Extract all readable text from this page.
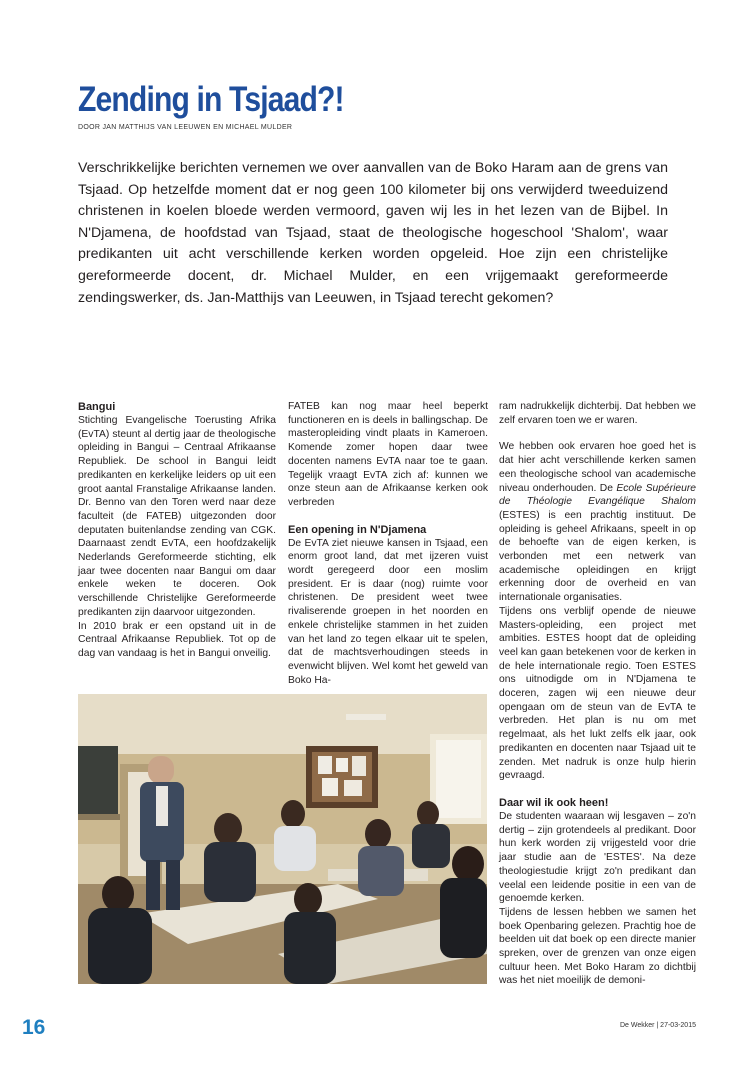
Zending in Tsjaad?!
DOOR JAN MATTHIJS VAN LEEUWEN EN MICHAEL MULDER

Verschrikkelijke berichten vernemen we over aanvallen van de Boko Haram aan de grens van Tsjaad. Op hetzelfde moment dat er nog geen 100 kilometer bij ons verwijderd tweeduizend christenen in koelen bloede werden vermoord, gaven wij les in het lezen van de Bijbel. In N'Djamena, de hoofdstad van Tsjaad, staat de theologische hogeschool 'Shalom', waar predikanten uit acht verschillende kerken worden opgeleid. Hoe zijn een christelijke gereformeerde docent, dr. Michael Mulder, en een vrijgemaakt gereformeerde zendingswerker, ds. Jan-Matthijs van Leeuwen, in Tsjaad terecht gekomen?

Bangui

Stichting Evangelische Toerusting Afrika (EvTA) steunt al dertig jaar de theologische opleiding in Bangui – Centraal Afrikaanse Republiek. De school in Bangui leidt predikanten en kerkelijke leiders op uit een groot aantal Franstalige Afrikaanse landen. Dr. Benno van den Toren werd naar deze faculteit (de FATEB) uitgezonden door deputaten buitenlandse zending van CGK. Daarnaast zendt EvTA, een hoofdzakelijk Nederlands Gereformeerde stichting, elk jaar twee docenten naar Bangui om daar enkele weken te doceren. Ook verschillende Christelijke Gereformeerde predikanten zijn daarvoor uitgezonden.

In 2010 brak er een opstand uit in de Centraal Afrikaanse Republiek. Tot op de dag van vandaag is het in Bangui onveilig.

FATEB kan nog maar heel beperkt functioneren en is deels in ballingschap. De masteropleiding vindt plaats in Kameroen. Komende zomer hopen daar twee docenten namens EvTA naar toe te gaan. Tegelijk vraagt EvTA zich af: kunnen we onze steun aan de Afrikaanse kerken ook verbreden

Een opening in N'Djamena

De EvTA ziet nieuwe kansen in Tsjaad, een enorm groot land, dat met ijzeren vuist wordt geregeerd door een moslim president. Er is daar (nog) ruimte voor christenen. De president weet twee rivaliserende groepen in het noorden en enkele christelijke stammen in het zuiden van het land zo tegen elkaar uit te spelen, dat de machtsverhoudingen steeds in evenwicht blijven. Wel komt het geweld van Boko Ha-

ram nadrukkelijk dichterbij. Dat hebben we zelf ervaren toen we er waren.

We hebben ook ervaren hoe goed het is dat hier acht verschillende kerken samen een theologische school van academische niveau onderhouden. De Ecole Supérieure de Théologie Evangélique Shalom (ESTES) is een prachtig instituut. De opleiding is geheel Afrikaans, speelt in op de behoefte van de eigen kerken, is verbonden met een netwerk van academische opleidingen en krijgt erkenning door de overheid en van internationale organisaties.

Tijdens ons verblijf opende de nieuwe Masters-opleiding, een project met ambities. ESTES hoopt dat de opleiding veel kan gaan betekenen voor de kerken in de hele internationale regio. Toen ESTES ons uitnodigde om in N'Djamena te doceren, zagen wij een nieuwe deur opengaan om de steun van de EvTA te verbreden. Het plan is nu om met regelmaat, als het lukt zelfs elk jaar, ook predikanten en docenten naar Tsjaad uit te zenden. Met nadruk is onze hulp hierin gevraagd.

Daar wil ik ook heen!

De studenten waaraan wij lesgaven – zo'n dertig – zijn grotendeels al predikant. Door hun kerk worden zij vrijgesteld voor drie jaar studie aan de 'ESTES'. Na deze theologiestudie krijgt zo'n predikant dan veelal een leidende positie in een van de genoemde kerken.

Tijdens de lessen hebben we samen het boek Openbaring gelezen. Prachtig hoe de beelden uit dat boek op een directe manier spreken, over de grenzen van onze eigen cultuur heen. Met Boko Haram zo dichtbij was het niet moeilijk de demoni-

16	De Wekker | 27-03-2015
